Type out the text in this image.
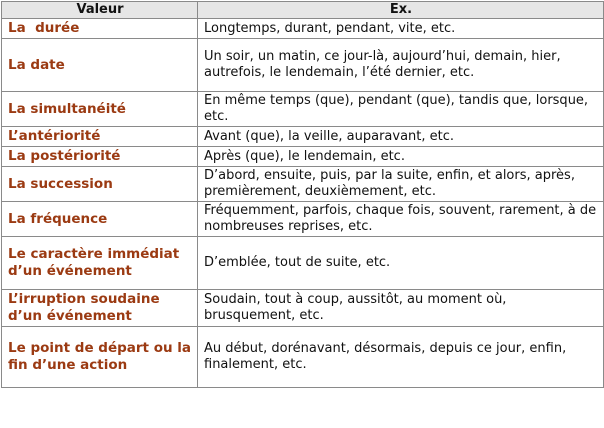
Valeur	Ex.
La  durée	Longtemps, durant, pendant, vite, etc.
La date	Un soir, un matin, ce jour-là, aujourd’hui, demain, hier, autrefois, le lendemain, l’été dernier, etc.
La simultanéité	En même temps (que), pendant (que), tandis que, lorsque, etc.
L’antériorité	Avant (que), la veille, auparavant, etc.
La postériorité	Après (que), le lendemain, etc.
La succession	D’abord, ensuite, puis, par la suite, enfin, et alors, après, premièrement, deuxièmement, etc.
La fréquence	Fréquemment, parfois, chaque fois, souvent, rarement, à de nombreuses reprises, etc.
Le caractère immédiat d’un événement	D’emblée, tout de suite, etc.
L’irruption soudaine d’un événement	Soudain, tout à coup, aussitôt, au moment où, brusquement, etc.
Le point de départ ou la fin d’une action	Au début, dorénavant, désormais, depuis ce jour, enfin, finalement, etc.
